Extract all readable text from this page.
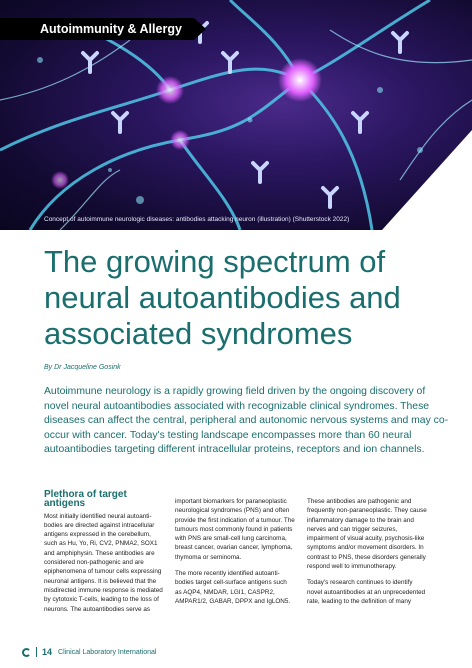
Autoimmunity & Allergy
Concept of autoimmune neurologic diseases: antibodies attacking neuron (illustration) (Shutterstock 2022)
The growing spectrum of neural autoantibodies and associated syndromes
By Dr Jacqueline Gosink

Autoimmune neurology is a rapidly growing field driven by the ongoing discovery of novel neural autoantibodies associated with recognizable clinical syndromes. These diseases can affect the central, peripheral and autonomic nervous systems and may co-occur with cancer. Today's testing landscape encompasses more than 60 neural autoantibodies targeting different intracellular proteins, receptors and ion channels.

Plethora of target antigens

Most initially identified neural autoanti-bodies are directed against intracellular antigens expressed in the cerebellum, such as Hu, Yo, Ri, CV2, PNMA2, SOX1 and amphiphysin. These antibodies are considered non-pathogenic and are epiphenomena of tumour cells expressing neuronal antigens. It is believed that the misdirected immune response is mediated by cytotoxic T-cells, leading to the loss of neurons. The autoantibodies serve as

important biomarkers for paraneoplastic neurological syndromes (PNS) and often provide the first indication of a tumour. The tumours most commonly found in patients with PNS are small-cell lung carcinoma, breast cancer, ovarian cancer, lymphoma, thymoma or seminoma.

The more recently identified autoanti-bodies target cell-surface antigens such as AQP4, NMDAR, LGI1, CASPR2, AMPAR1/2, GABAR, DPPX and IgLON5.

These antibodies are pathogenic and frequently non-paraneoplastic. They cause inflammatory damage to the brain and nerves and can trigger seizures, impairment of visual acuity, psychosis-like symptoms and/or movement disorders. In contrast to PNS, these disorders generally respond well to immunotherapy.

Today's research continues to identify novel autoantibodies at an unprecedented rate, leading to the definition of many

14 Clinical Laboratory International
